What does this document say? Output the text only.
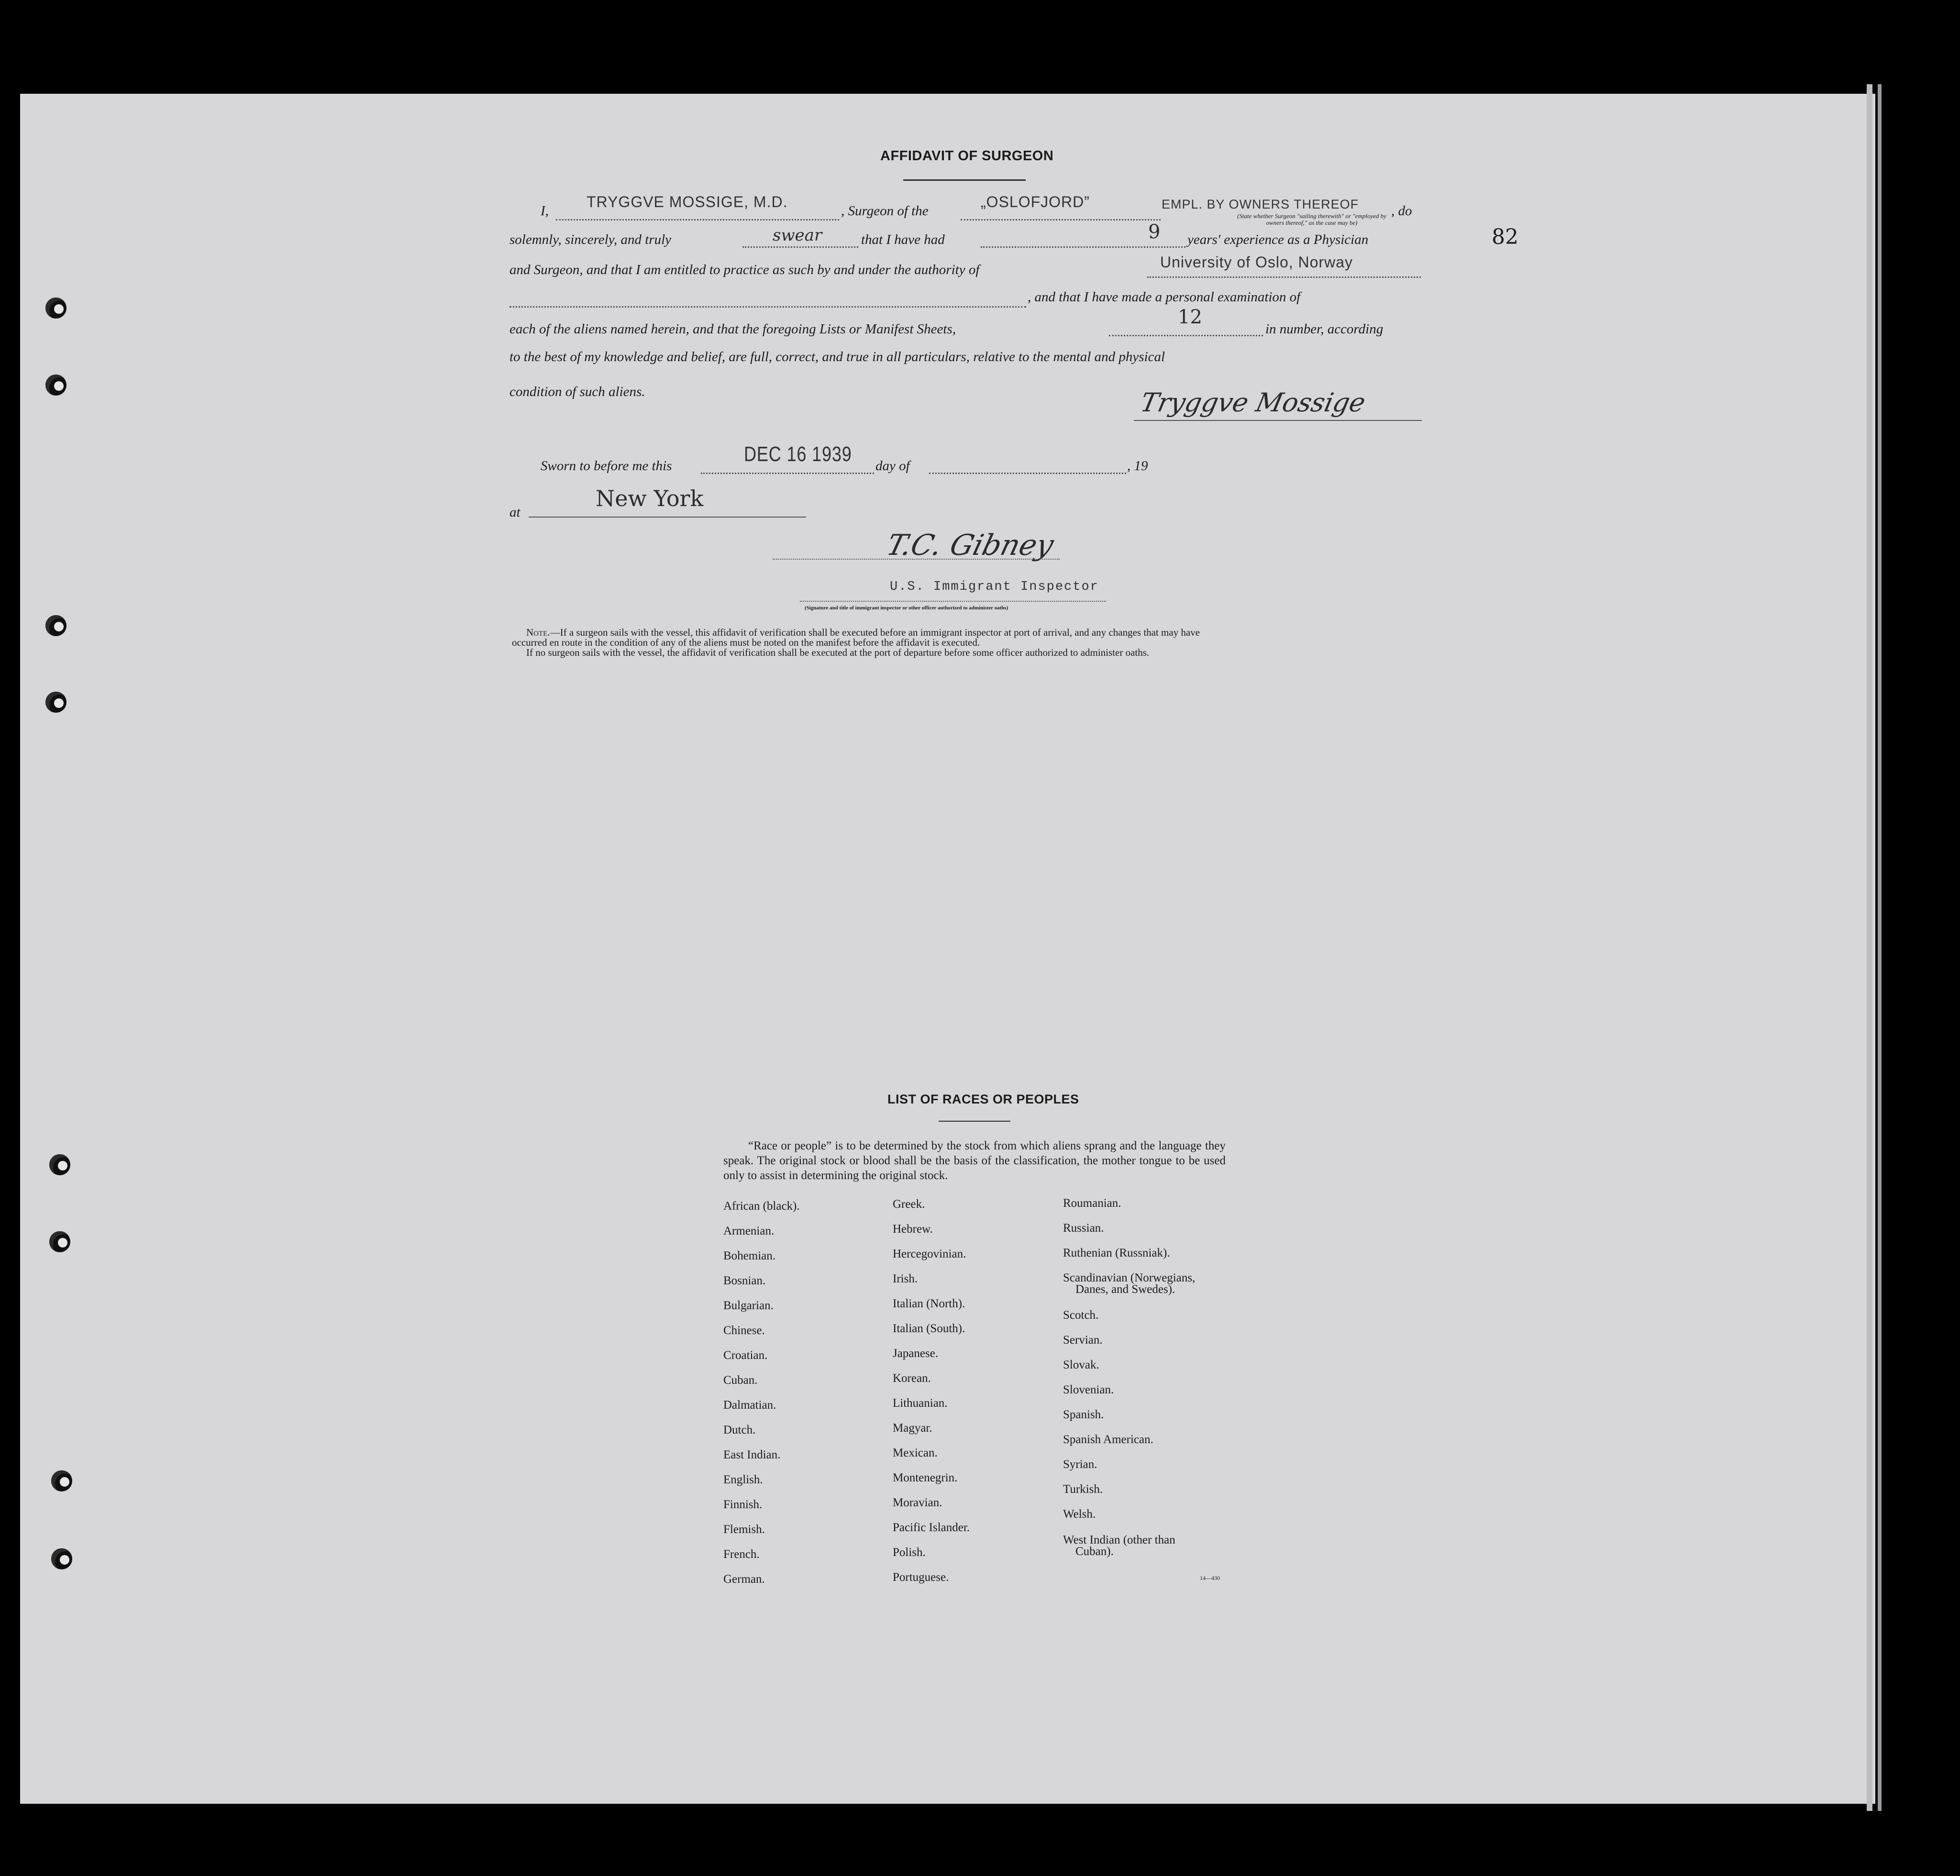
82
AFFIDAVIT OF SURGEON
I,
TRYGGVE MOSSIGE, M.D.
, Surgeon of the
„OSLOFJORD”	EMPL. BY OWNERS THEREOF , do
(State whether Surgeon "sailing therewith" or "employed by owners thereof," as the case may be)
solemnly, sincerely, and truly	swear	that I have had	9 years' experience as a Physician
and Surgeon, and that I am entitled to practice as such by and under the authority of	University of Oslo, Norway
, and that I have made a personal examination of
each of the aliens named herein, and that the foregoing Lists or Manifest Sheets,
12
in number, according
to the best of my knowledge and belief, are full, correct, and true in all particulars, relative to the mental and physical
condition of such aliens.	Tryggve Mossige
Sworn to before me this	DEC 16 1939 day of	, 19
at
New York
T.C. Gibney
U.S. Immigrant Inspector
(Signature and title of immigrant inspector or other officer authorized to administer oaths)
Note.—If a surgeon sails with the vessel, this affidavit of verification shall be executed before an immigrant inspector at port of arrival, and any changes that may have
occurred en route in the condition of any of the aliens must be noted on the manifest before the affidavit is executed.
If no surgeon sails with the vessel, the affidavit of verification shall be executed at the port of departure before some officer authorized to administer oaths.
LIST OF RACES OR PEOPLES
“Race or people” is to be determined by the stock from which aliens sprang and the language they speak. The original stock or blood shall be the basis of the classification, the mother tongue to be used only to assist in determining the original stock.
African (black).
Armenian.
Bohemian.
Bosnian.
Bulgarian.
Chinese.
Croatian.
Cuban.
Dalmatian.
Dutch.
East Indian.
English.
Finnish.
Flemish.
French.
German.
Greek.
Hebrew.
Hercegovinian.
Irish.
Italian (North).
Italian (South).
Japanese.
Korean.
Lithuanian.
Magyar.
Mexican.
Montenegrin.
Moravian.
Pacific Islander.
Polish.
Portuguese.
Roumanian.
Russian.
Ruthenian (Russniak).
Scandinavian (Norwegians,
Danes, and Swedes).
Scotch.
Servian.
Slovak.
Slovenian.
Spanish.
Spanish American.
Syrian.
Turkish.
Welsh.
West Indian (other than
Cuban).
14—430
